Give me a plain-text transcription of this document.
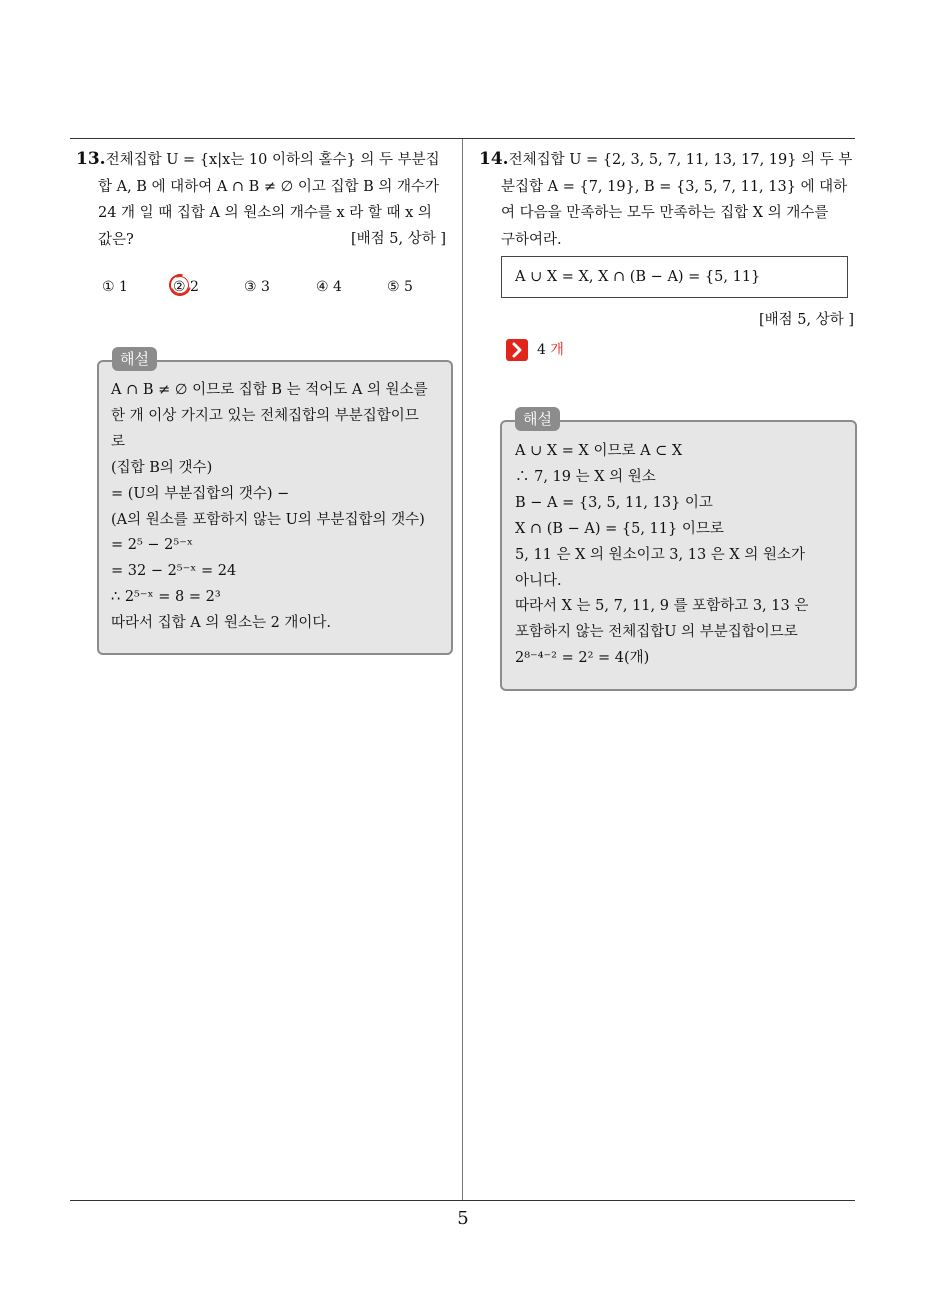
13.전체집합 U = {x|x는 10 이하의 홀수} 의 두 부분집
합 A, B 에 대하여 A ∩ B ≠ ∅ 이고 집합 B 의 개수가
24 개 일 때 집합 A 의 원소의 개수를 x 라 할 때 x 의
값은?	[배점 5, 상하 ]
① 1	② 2	③ 3	④ 4	⑤ 5
A ∩ B ≠ ∅ 이므로 집합 B 는 적어도 A 의 원소를
한 개 이상 가지고 있는 전체집합의 부분집합이므
로
(집합 B의 갯수)
= (U의 부분집합의 갯수) −
(A의 원소를 포함하지 않는 U의 부분집합의 갯수)
= 2⁵ − 2⁵⁻ˣ
= 32 − 2⁵⁻ˣ = 24
∴ 2⁵⁻ˣ = 8 = 2³
따라서 집합 A 의 원소는 2 개이다.
해설
14.전체집합 U = {2, 3, 5, 7, 11, 13, 17, 19} 의 두 부
분집합 A = {7, 19}, B = {3, 5, 7, 11, 13} 에 대하
여 다음을 만족하는 모두 만족하는 집합 X 의 개수를
구하여라.
A ∪ X = X, X ∩ (B − A) = {5, 11}
[배점 5, 상하 ]
4 개
A ∪ X = X 이므로 A ⊂ X
∴ 7, 19 는 X 의 원소
B − A = {3, 5, 11, 13} 이고
X ∩ (B − A) = {5, 11} 이므로
5, 11 은 X 의 원소이고 3, 13 은 X 의 원소가
아니다.
따라서 X 는 5, 7, 11, 9 를 포함하고 3, 13 은
포함하지 않는 전체집합U 의 부분집합이므로
2⁸⁻⁴⁻² = 2² = 4(개)
해설
5
